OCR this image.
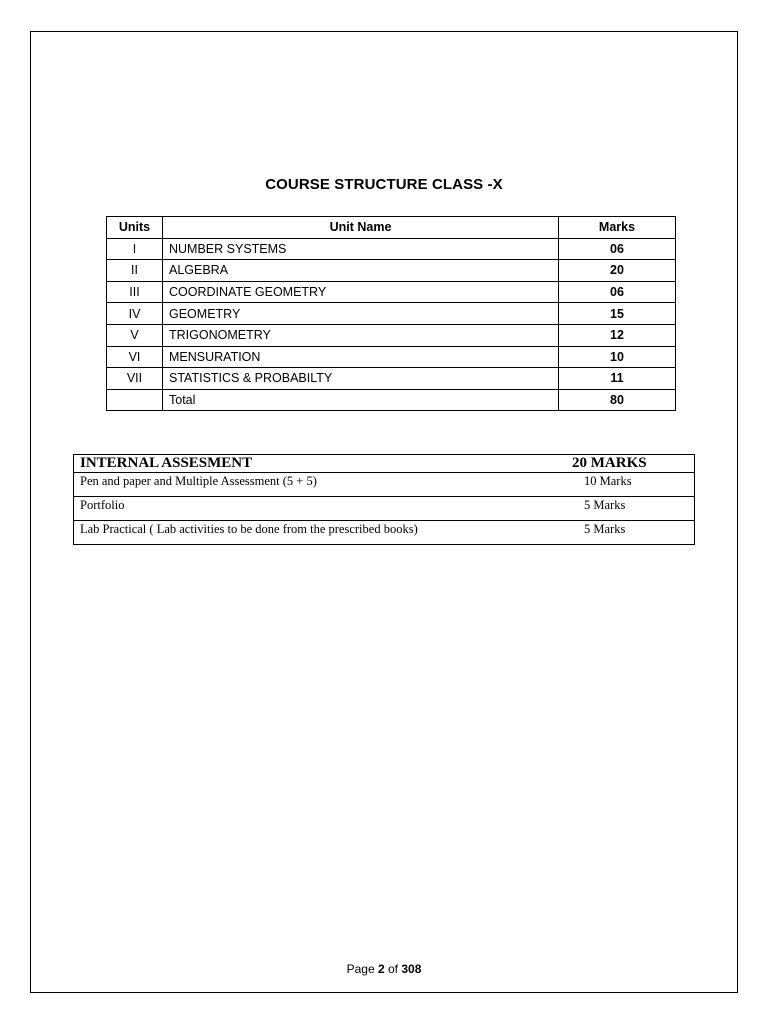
COURSE STRUCTURE CLASS -X
Units	Unit Name	Marks
I	NUMBER SYSTEMS	06
II	ALGEBRA	20
III	COORDINATE GEOMETRY	06
IV	GEOMETRY	15
V	TRIGONOMETRY	12
VI	MENSURATION	10
VII	STATISTICS & PROBABILTY	11
	Total	80
INTERNAL ASSESMENT	20 MARKS
Pen and paper and Multiple Assessment (5 + 5)	10 Marks
Portfolio	5 Marks
Lab Practical ( Lab activities to be done from the prescribed books)	5 Marks
Page 2 of 308
